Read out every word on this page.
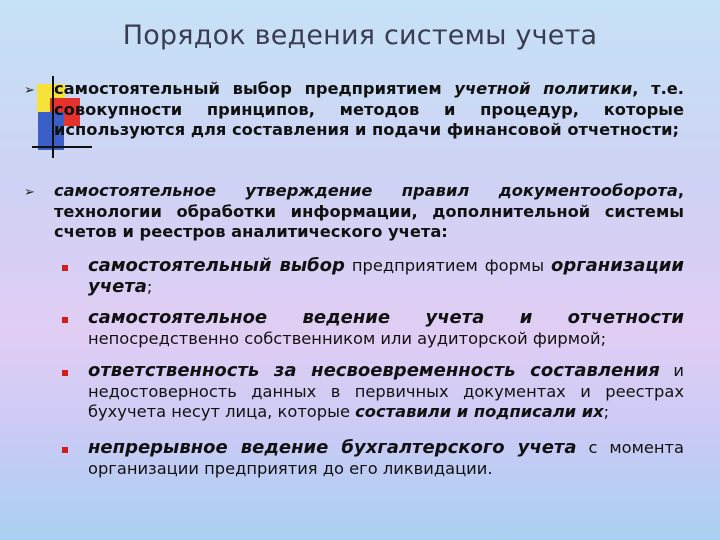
Порядок ведения системы учета
➢ самостоятельный выбор предприятием учетной политики, т.е. совокупности принципов, методов и процедур, которые используются для составления и подачи финансовой отчетности;
➢ самостоятельное утверждение правил документооборота, технологии обработки информации, дополнительной системы счетов и реестров аналитического учета:
самостоятельный выбор предприятием формы организации учета;
самостоятельное ведение учета и отчетности непосредственно собственником или аудиторской фирмой;
ответственность за несвоевременность составления и недостоверность данных в первичных документах и реестрах бухучета несут лица, которые составили и подписали их;
непрерывное ведение бухгалтерского учета с момента организации предприятия до его ликвидации.
